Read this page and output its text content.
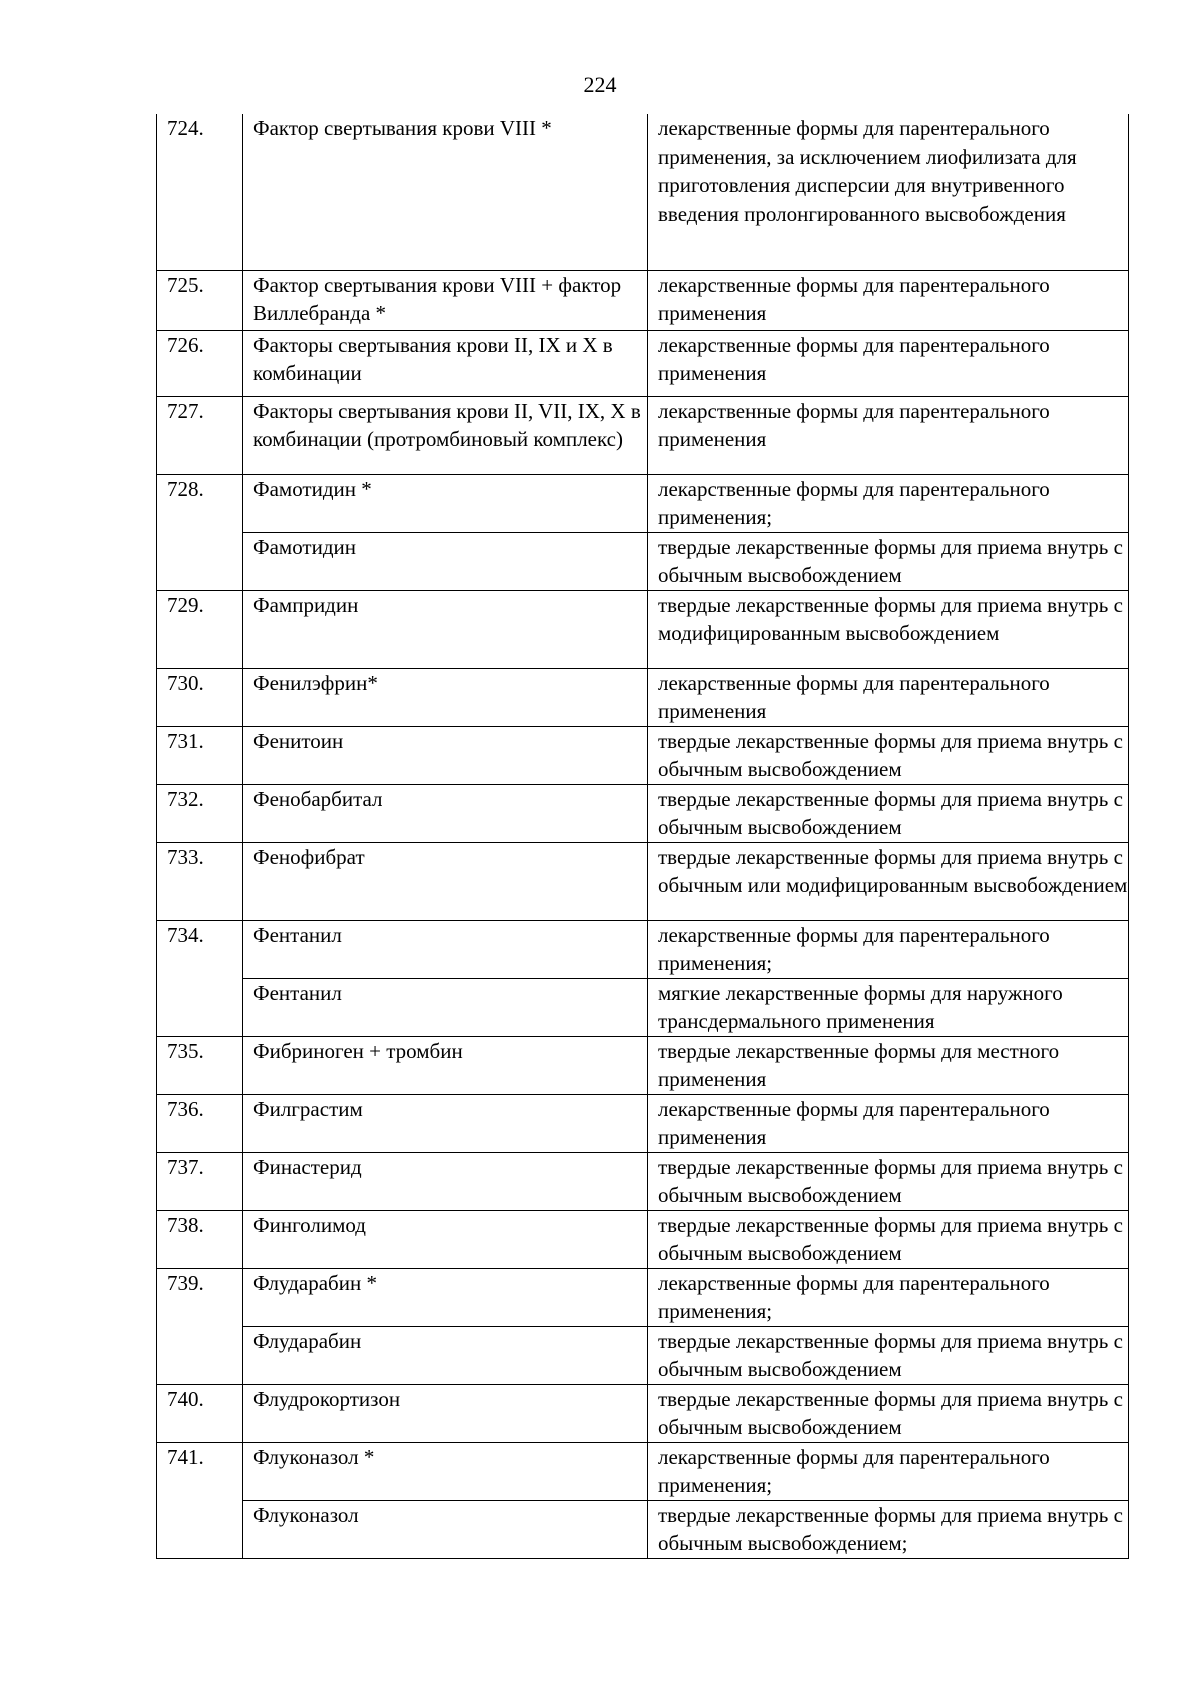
224
724.	Фактор свертывания крови VIII *	лекарственные формы для парентерального применения, за исключением лиофилизата для приготовления дисперсии для внутривенного введения пролонгированного высвобождения
725.	Фактор свертывания крови VIII + фактор Виллебранда *	лекарственные формы для парентерального применения
726.	Факторы свертывания крови II, IX и X в комбинации	лекарственные формы для парентерального применения
727.	Факторы свертывания крови II, VII, IX, X в комбинации (протромбиновый комплекс)	лекарственные формы для парентерального применения
728.	Фамотидин *	лекарственные формы для парентерального применения;
	Фамотидин	твердые лекарственные формы для приема внутрь с обычным высвобождением
729.	Фампридин	твердые лекарственные формы для приема внутрь с модифицированным высвобождением
730.	Фенилэфрин*	лекарственные формы для парентерального применения
731.	Фенитоин	твердые лекарственные формы для приема внутрь с обычным высвобождением
732.	Фенобарбитал	твердые лекарственные формы для приема внутрь с обычным высвобождением
733.	Фенофибрат	твердые лекарственные формы для приема внутрь с обычным или модифицированным высвобождением
734.	Фентанил	лекарственные формы для парентерального применения;
	Фентанил	мягкие лекарственные формы для наружного трансдермального применения
735.	Фибриноген + тромбин	твердые лекарственные формы для местного применения
736.	Филграстим	лекарственные формы для парентерального применения
737.	Финастерид	твердые лекарственные формы для приема внутрь с обычным высвобождением
738.	Финголимод	твердые лекарственные формы для приема внутрь с обычным высвобождением
739.	Флударабин *	лекарственные формы для парентерального применения;
	Флударабин	твердые лекарственные формы для приема внутрь с обычным высвобождением
740.	Флудрокортизон	твердые лекарственные формы для приема внутрь с обычным высвобождением
741.	Флуконазол *	лекарственные формы для парентерального применения;
	Флуконазол	твердые лекарственные формы для приема внутрь с обычным высвобождением;
